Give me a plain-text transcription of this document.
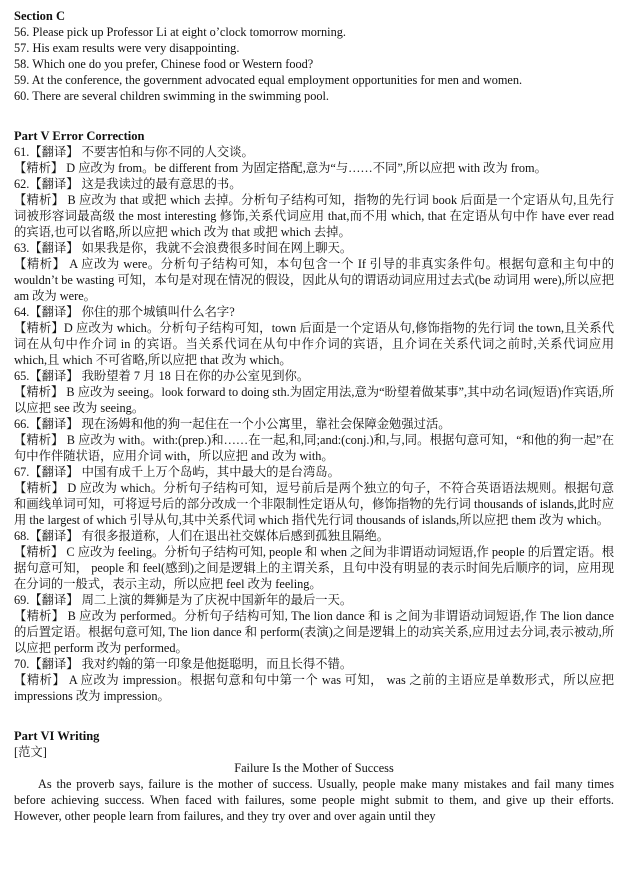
Section C

56. Please pick up Professor Li at eight o’clock tomorrow morning.

57. His exam results were very disappointing.

58. Which one do you prefer, Chinese food or Western food?

59. At the conference, the government advocated equal employment opportunities for men and women.

60. There are several children swimming in the swimming pool.

Part V Error Correction

61.【翻译】 不要害怕和与你不同的人交谈。

【精析】 D 应改为 from。be different from 为固定搭配,意为“与……不同”,所以应把 with 改为 from。

62.【翻译】 这是我读过的最有意思的书。

【精析】 B 应改为 that 或把 which 去掉。分析句子结构可知，指物的先行词 book 后面是一个定语从句,且先行词被形容词最高级 the most interesting 修饰,关系代词应用 that,而不用 which, that 在定语从句中作 have ever read 的宾语,也可以省略,所以应把 which 改为 that 或把 which 去掉。

63.【翻译】 如果我是你，我就不会浪费很多时间在网上聊天。

【精析】 A 应改为 were。分析句子结构可知，本句包含一个 If 引导的非真实条件句。根据句意和主句中的 wouldn’t be wasting 可知，本句是对现在情况的假设，因此从句的谓语动词应用过去式(be 动词用 were),所以应把 am 改为 were。

64.【翻译】 你住的那个城镇叫什么名字?

【精析】D 应改为 which。分析句子结构可知，town 后面是一个定语从句,修饰指物的先行词 the town,且关系代词在从句中作介词 in 的宾语。当关系代词在从句中作介词的宾语，且介词在关系代词之前时,关系代词应用 which,且 which 不可省略,所以应把 that 改为 which。

65.【翻译】 我盼望着 7 月 18 日在你的办公室见到你。

【精析】 B 应改为 seeing。look forward to doing sth.为固定用法,意为“盼望着做某事”,其中动名词(短语)作宾语,所以应把 see 改为 seeing。

66.【翻译】 现在汤姆和他的狗一起住在一个小公寓里，靠社会保障金勉强过活。

【精析】 B 应改为 with。with:(prep.)和……在一起,和,同;and:(conj.)和,与,同。根据句意可知，“和他的狗一起”在句中作伴随状语，应用介词 with，所以应把 and 改为 with。

67.【翻译】 中国有成千上万个岛屿，其中最大的是台湾岛。

【精析】 D 应改为 which。分析句子结构可知，逗号前后是两个独立的句子，不符合英语语法规则。根据句意和画线单词可知，可将逗号后的部分改成一个非限制性定语从句，修饰指物的先行词 thousands of islands,此时应用 the largest of which 引导从句,其中关系代词 which 指代先行词 thousands of islands,所以应把 them 改为 which。

68.【翻译】 有很多报道称，人们在退出社交媒体后感到孤独且隔绝。

【精析】 C 应改为 feeling。分析句子结构可知, people 和 when 之间为非谓语动词短语,作 people 的后置定语。根据句意可知， people 和 feel(感到)之间是逻辑上的主谓关系，且句中没有明显的表示时间先后顺序的词，应用现在分词的一般式，表示主动，所以应把 feel 改为 feeling。

69.【翻译】 周二上演的舞狮是为了庆祝中国新年的最后一天。

【精析】 B 应改为 performed。分析句子结构可知, The lion dance 和 is 之间为非谓语动词短语,作 The lion dance 的后置定语。根据句意可知, The lion dance 和 perform(表演)之间是逻辑上的动宾关系,应用过去分词,表示被动,所以应把 perform 改为 performed。

70.【翻译】 我对约翰的第一印象是他挺聪明，而且长得不错。

【精析】 A 应改为 impression。根据句意和句中第一个 was 可知， was 之前的主语应是单数形式，所以应把 impressions 改为 impression。

Part VI Writing

[范文]

Failure Is the Mother of Success

As the proverb says, failure is the mother of success. Usually, people make many mistakes and fail many times before achieving success. When faced with failures, some people might submit to them, and give up their efforts. However, other people learn from failures, and they try over and over again until they
